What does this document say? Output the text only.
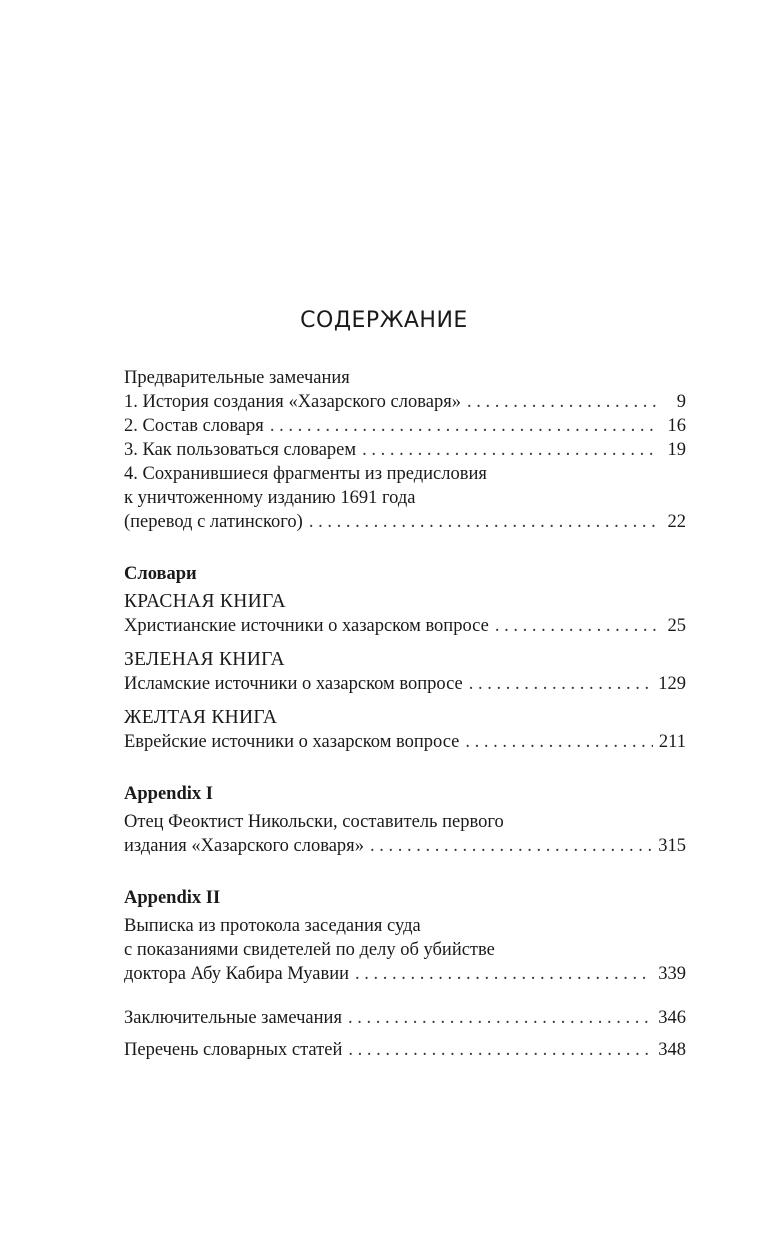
СОДЕРЖАНИЕ
Предварительные замечания
1. История создания «Хазарского словаря» . . .	9
2. Состав словаря . . .	16
3. Как пользоваться словарем . . .	19
4. Сохранившиеся фрагменты из предисловия
к уничтоженному изданию 1691 года
(перевод с латинского) . . .	22
Словари
КРАСНАЯ КНИГА
Христианские источники о хазарском вопросе . . .	25
ЗЕЛЕНАЯ КНИГА
Исламские источники о хазарском вопросе . . .	129
ЖЕЛТАЯ КНИГА
Еврейские источники о хазарском вопросе . . .	211
Appendix I
Отец Феоктист Никольски, составитель первого
издания «Хазарского словаря» . . .	315
Appendix II
Выписка из протокола заседания суда
с показаниями свидетелей по делу об убийстве
доктора Абу Кабира Муавии . . .	339
Заключительные замечания . . .	346
Перечень словарных статей . . .	348
